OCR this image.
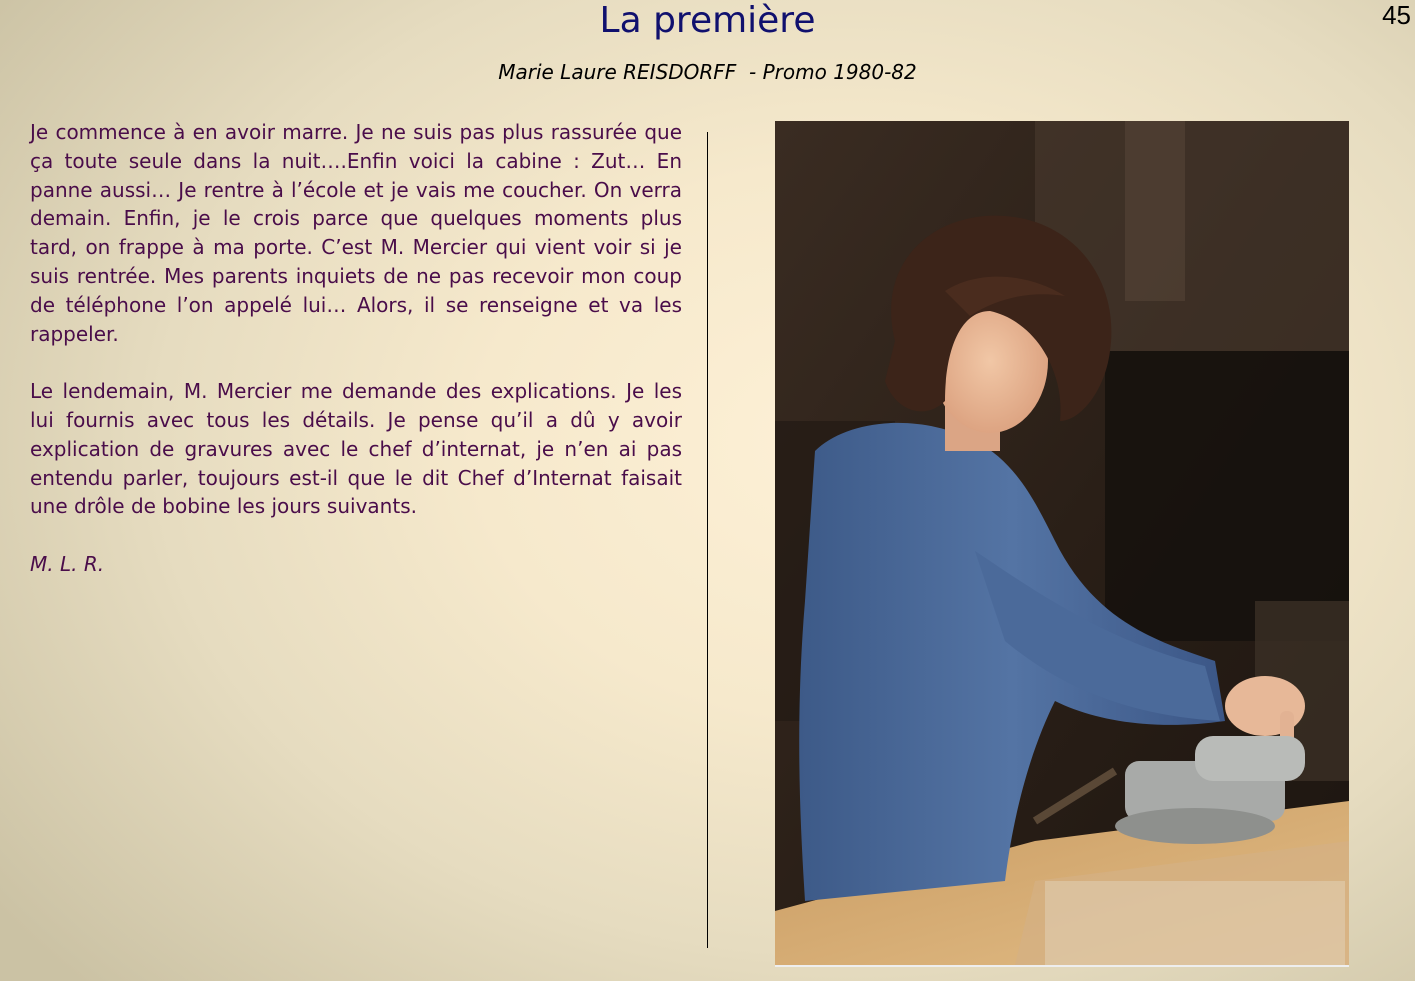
45
La première
Marie Laure REISDORFF  - Promo 1980-82

Je commence à en avoir marre. Je ne suis pas plus rassurée que ça toute seule dans la nuit….Enfin voici la cabine : Zut… En panne aussi… Je rentre à l’école et je vais me coucher. On verra demain. Enfin, je le crois parce que quelques moments plus tard, on frappe à ma porte. C’est M. Mercier qui vient voir si je suis rentrée. Mes parents inquiets de ne pas recevoir mon coup de téléphone l’on appelé lui… Alors, il se renseigne et va les rappeler.

Le lendemain, M. Mercier me demande des explications. Je les lui fournis avec tous les détails. Je pense qu’il a dû y avoir explication de gravures avec le chef d’internat, je n’en ai pas entendu parler, toujours est-il que le dit Chef d’Internat faisait une drôle de bobine les jours suivants.

M. L. R.
